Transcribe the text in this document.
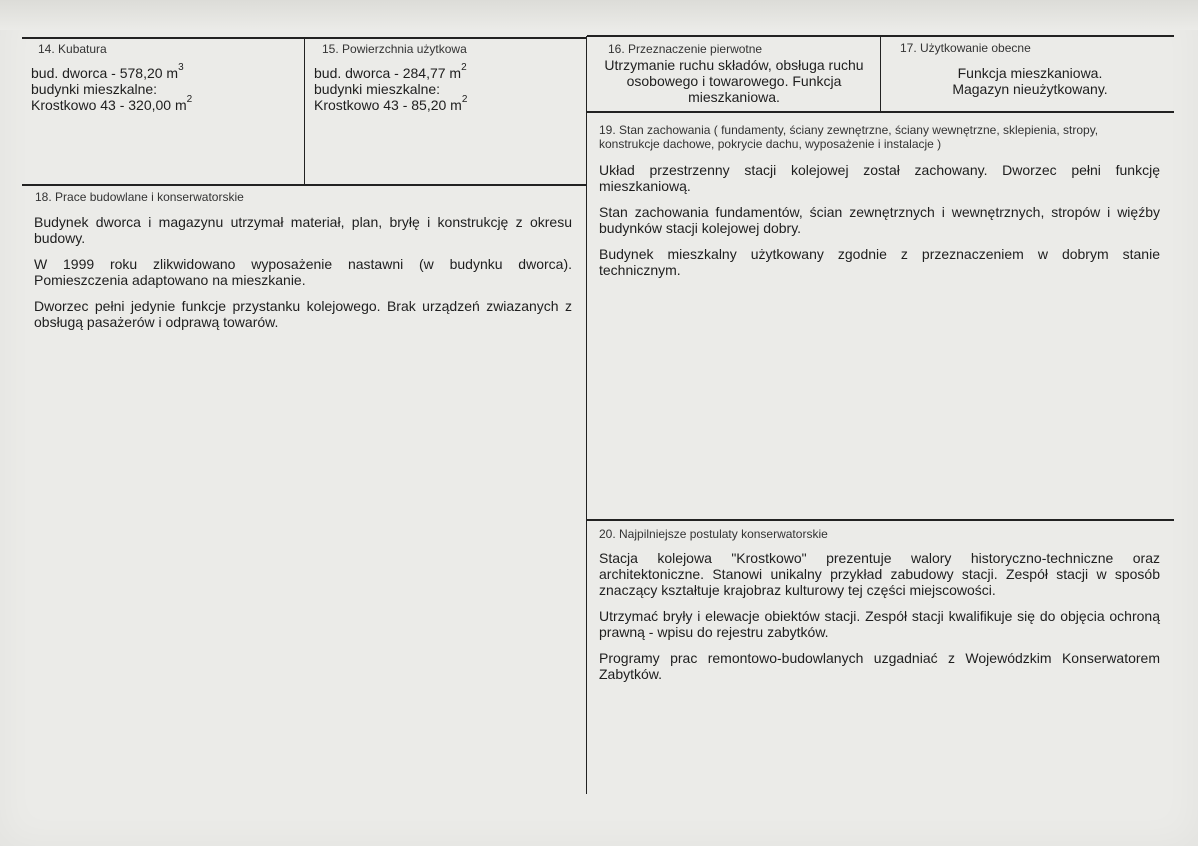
14. Kubatura
bud. dworca - 578,20 $m^3$
budynki mieszkalne:
Krostkowo 43 - 320,00 $m^2$
15. Powierzchnia użytkowa
bud. dworca - 284,77 $m^2$
budynki mieszkalne:
Krostkowo 43 - 85,20 $m^2$
16. Przeznaczenie pierwotne
Utrzymanie ruchu składów, obsługa ruchu osobowego i towarowego. Funkcja mieszkaniowa.
17. Użytkowanie obecne
Funkcja mieszkaniowa.
Magazyn nieużytkowany.
18. Prace budowlane i konserwatorskie

Budynek dworca i magazynu utrzymał materiał, plan, bryłę i konstrukcję z okresu budowy.

W 1999 roku zlikwidowano wyposażenie nastawni (w budynku dworca). Pomieszczenia adaptowano na mieszkanie.

Dworzec pełni jedynie funkcje przystanku kolejowego. Brak urządzeń zwiazanych z obsługą pasażerów i odprawą towarów.

19. Stan zachowania ( fundamenty, ściany zewnętrzne, ściany wewnętrzne, sklepienia, stropy, konstrukcje dachowe, pokrycie dachu, wyposażenie i instalacje )

Układ przestrzenny stacji kolejowej został zachowany. Dworzec pełni funkcję mieszkaniową.

Stan zachowania fundamentów, ścian zewnętrznych i wewnętrznych, stropów i więźby budynków stacji kolejowej dobry.

Budynek mieszkalny użytkowany zgodnie z przeznaczeniem w dobrym stanie technicznym.

20. Najpilniejsze postulaty konserwatorskie

Stacja kolejowa "Krostkowo" prezentuje walory historyczno-techniczne oraz architektoniczne. Stanowi unikalny przykład zabudowy stacji. Zespół stacji w sposób znaczący kształtuje krajobraz kulturowy tej części miejscowości.

Utrzymać bryły i elewacje obiektów stacji. Zespół stacji kwalifikuje się do objęcia ochroną prawną - wpisu do rejestru zabytków.

Programy prac remontowo-budowlanych uzgadniać z Wojewódzkim Konserwatorem Zabytków.
